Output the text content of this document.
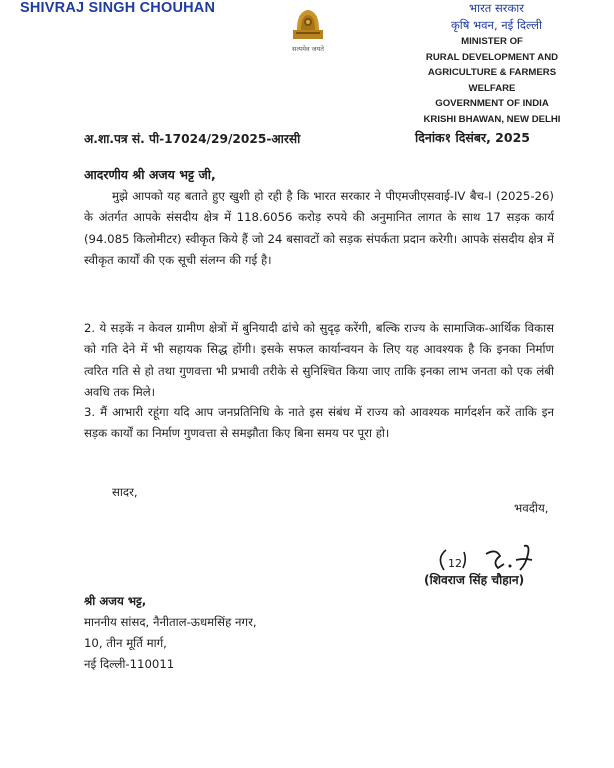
SHIVRAJ SINGH CHOUHAN
सत्यमेव जयते
भारत सरकार
कृषि भवन, नई दिल्ली
MINISTER OF
RURAL DEVELOPMENT AND
AGRICULTURE & FARMERS WELFARE
GOVERNMENT OF INDIA
KRISHI BHAWAN, NEW DELHI
अ.शा.पत्र सं. पी-17024/29/2025-आरसी	दिनांक१ दिसंबर, 2025
आदरणीय श्री अजय भट्ट जी,

मुझे आपको यह बताते हुए खुशी हो रही है कि भारत सरकार ने पीएमजीएसवाई-IV बैच-I (2025-26) के अंतर्गत आपके संसदीय क्षेत्र में 118.6056 करोड़ रुपये की अनुमानित लागत के साथ 17 सड़क कार्य (94.085 किलोमीटर) स्वीकृत किये हैं जो 24 बसावटों को सड़क संपर्कता प्रदान करेगी। आपके संसदीय क्षेत्र में स्वीकृत कार्यों की एक सूची संलग्न की गई है।

2. ये सड़कें न केवल ग्रामीण क्षेत्रों में बुनियादी ढांचे को सुदृढ़ करेंगी, बल्कि राज्य के सामाजिक-आर्थिक विकास को गति देने में भी सहायक सिद्ध होंगी। इसके सफल कार्यान्वयन के लिए यह आवश्यक है कि इनका निर्माण त्वरित गति से हो तथा गुणवत्ता भी प्रभावी तरीके से सुनिश्चित किया जाए ताकि इनका लाभ जनता को एक लंबी अवधि तक मिले।

3. मैं आभारी रहूंगा यदि आप जनप्रतिनिधि के नाते इस संबंध में राज्य को आवश्यक मार्गदर्शन करें ताकि इन सड़क कार्यों का निर्माण गुणवत्ता से समझौता किए बिना समय पर पूरा हो।

सादर,
भवदीय,
12
(शिवराज सिंह चौहान)
श्री अजय भट्ट,
माननीय सांसद, नैनीताल-ऊधमसिंह नगर,
10, तीन मूर्ति मार्ग,
नई दिल्ली-110011
